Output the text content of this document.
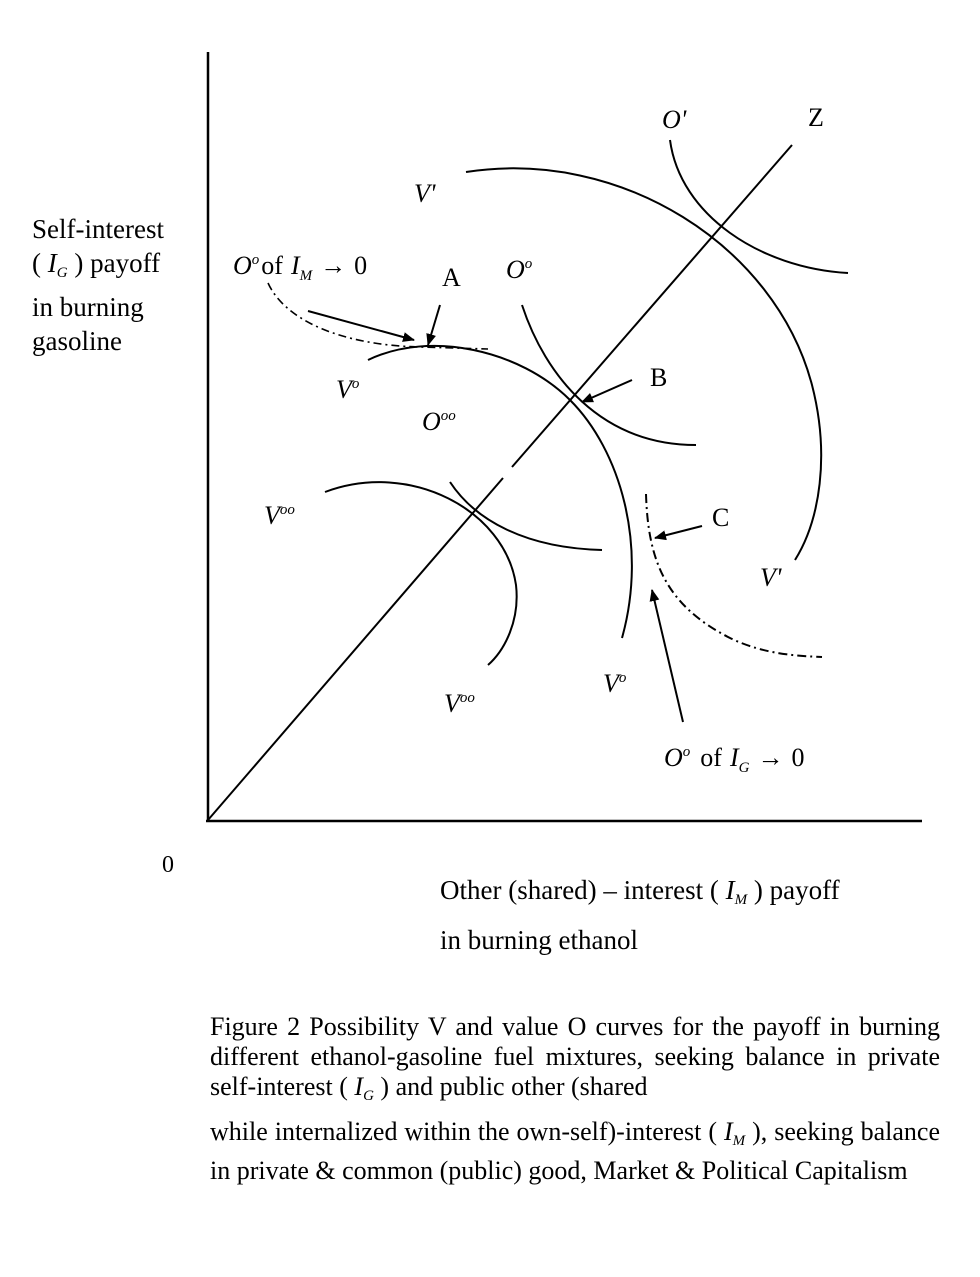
Self-interest
( $I_G$ ) payoff
in burning
gasoline
0
Other (shared) – interest ( $I_M$ ) payoff
in burning ethanol
O'	Z
V'
V'
$O^oof$ $I_M \to 0$	A $O^o$
B
$V^o$
$O^{oo}$
C
$V^{oo}$
$V^o$
$V^{oo}$
$O^o$ of $I_G \to 0$

Figure 2 Possibility V and value O curves for the payoff in burning different ethanol-gasoline fuel mixtures, seeking balance in private self-interest ( $I_G$ ) and public other (shared

while internalized within the own-self)-interest ( $I_M$ ), seeking balance in private & common (public) good, Market & Political Capitalism
